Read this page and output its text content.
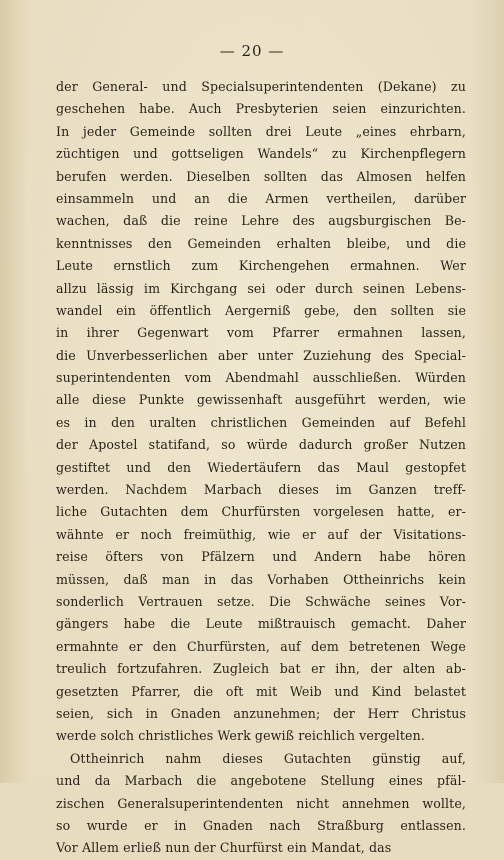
— 20 —
der General- und Specialsuperintendenten (Dekane) zu
geschehen habe. Auch Presbyterien seien einzurichten.
In jeder Gemeinde sollten drei Leute „eines ehrbarn,
züchtigen und gottseligen Wandels“ zu Kirchenpflegern
berufen werden. Dieselben sollten das Almosen helfen
einsammeln und an die Armen vertheilen, darüber
wachen, daß die reine Lehre des augsburgischen Be-
kenntnisses den Gemeinden erhalten bleibe, und die
Leute ernstlich zum Kirchengehen ermahnen. Wer
allzu lässig im Kirchgang sei oder durch seinen Lebens-
wandel ein öffentlich Aergerniß gebe, den sollten sie
in ihrer Gegenwart vom Pfarrer ermahnen lassen,
die Unverbesserlichen aber unter Zuziehung des Special-
superintendenten vom Abendmahl ausschließen. Würden
alle diese Punkte gewissenhaft ausgeführt werden, wie
es in den uralten christlichen Gemeinden auf Befehl
der Apostel statifand, so würde dadurch großer Nutzen
gestiftet und den Wiedertäufern das Maul gestopfet
werden. Nachdem Marbach dieses im Ganzen treff-
liche Gutachten dem Churfürsten vorgelesen hatte, er-
wähnte er noch freimüthig, wie er auf der Visitations-
reise öfters von Pfälzern und Andern habe hören
müssen, daß man in das Vorhaben Ottheinrichs kein
sonderlich Vertrauen setze. Die Schwäche seines Vor-
gängers habe die Leute mißtrauisch gemacht. Daher
ermahnte er den Churfürsten, auf dem betretenen Wege
treulich fortzufahren. Zugleich bat er ihn, der alten ab-
gesetzten Pfarrer, die oft mit Weib und Kind belastet
seien, sich in Gnaden anzunehmen; der Herr Christus
werde solch christliches Werk gewiß reichlich vergelten.
Ottheinrich nahm dieses Gutachten günstig auf,
und da Marbach die angebotene Stellung eines pfäl-
zischen Generalsuperintendenten nicht annehmen wollte,
so wurde er in Gnaden nach Straßburg entlassen.
Vor Allem erließ nun der Churfürst ein Mandat, das
